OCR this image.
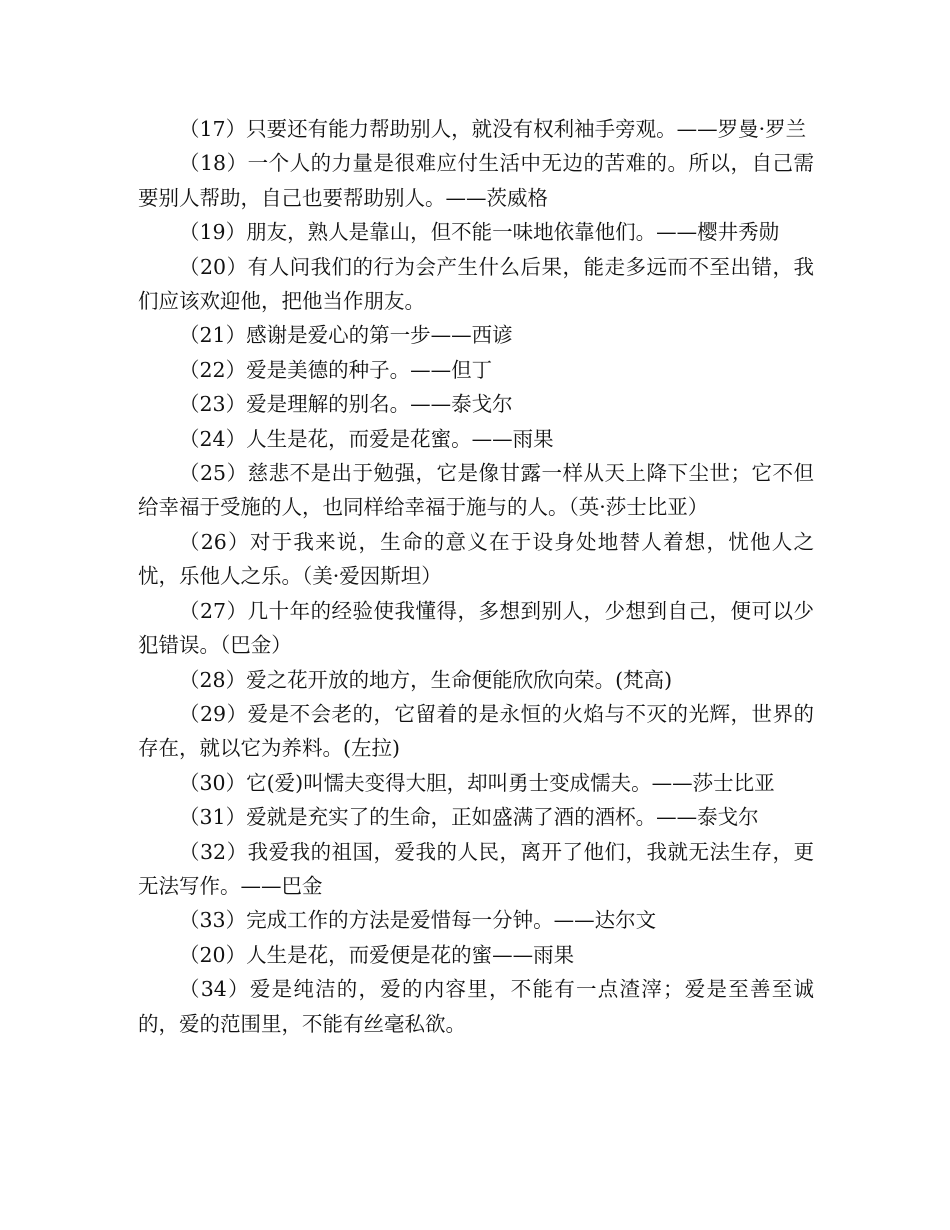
（17）只要还有能力帮助别人，就没有权利袖手旁观。——罗曼·罗兰

（18）一个人的力量是很难应付生活中无边的苦难的。所以，自己需要别人帮助，自己也要帮助别人。——茨威格

（19）朋友，熟人是靠山，但不能一味地依靠他们。——樱井秀勋

（20）有人问我们的行为会产生什么后果，能走多远而不至出错，我们应该欢迎他，把他当作朋友。

（21）感谢是爱心的第一步——西谚

（22）爱是美德的种子。——但丁

（23）爱是理解的别名。——泰戈尔

（24）人生是花，而爱是花蜜。——雨果

（25）慈悲不是出于勉强，它是像甘露一样从天上降下尘世；它不但给幸福于受施的人，也同样给幸福于施与的人。（英·莎士比亚）

（26）对于我来说，生命的意义在于设身处地替人着想，忧他人之忧，乐他人之乐。（美·爱因斯坦）

（27）几十年的经验使我懂得，多想到别人，少想到自己，便可以少犯错误。（巴金）

（28）爱之花开放的地方，生命便能欣欣向荣。(梵高)

（29）爱是不会老的，它留着的是永恒的火焰与不灭的光辉，世界的存在，就以它为养料。(左拉)

（30）它(爱)叫懦夫变得大胆，却叫勇士变成懦夫。——莎士比亚

（31）爱就是充实了的生命，正如盛满了酒的酒杯。——泰戈尔

（32）我爱我的祖国，爱我的人民，离开了他们，我就无法生存，更无法写作。——巴金

（33）完成工作的方法是爱惜每一分钟。——达尔文

（20）人生是花，而爱便是花的蜜——雨果

（34）爱是纯洁的，爱的内容里，不能有一点渣滓；爱是至善至诚的，爱的范围里，不能有丝毫私欲。
